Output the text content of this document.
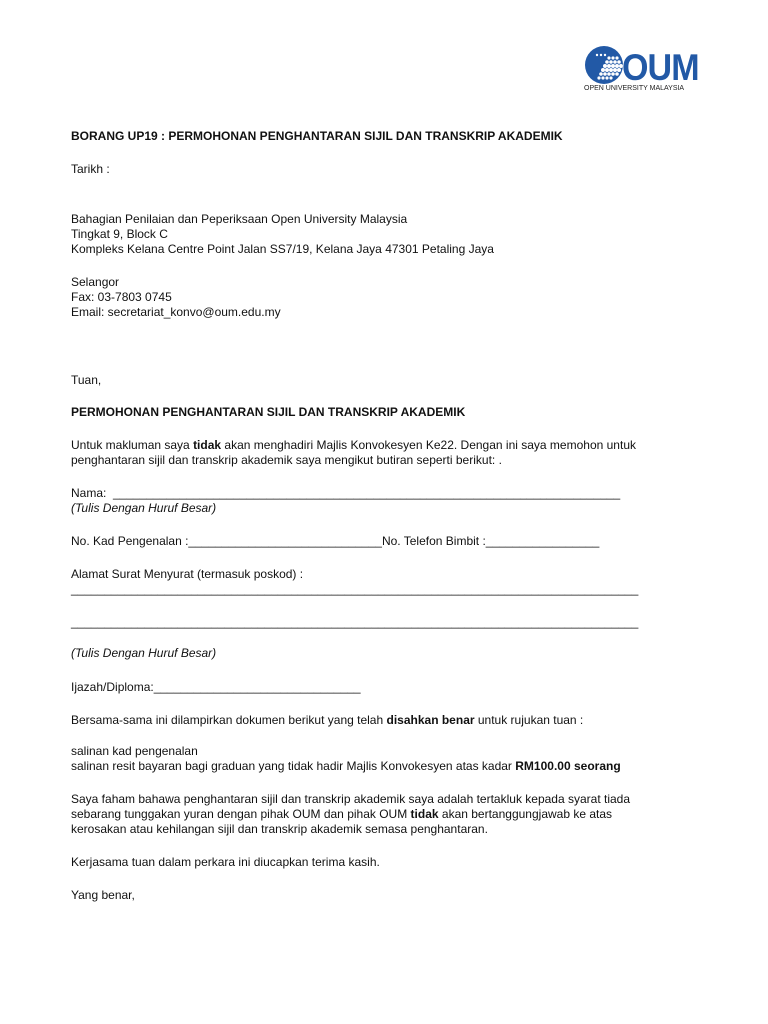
OUM
OPEN UNIVERSITY MALAYSIA
BORANG UP19 : PERMOHONAN PENGHANTARAN SIJIL DAN TRANSKRIP AKADEMIK
Tarikh :
Bahagian Penilaian dan Peperiksaan Open University Malaysia
Tingkat 9, Block C
Kompleks Kelana Centre Point Jalan SS7/19, Kelana Jaya 47301 Petaling Jaya
Selangor
Fax: 03-7803 0745
Email: secretariat_konvo@oum.edu.my
Tuan,
PERMOHONAN PENGHANTARAN SIJIL DAN TRANSKRIP AKADEMIK
Untuk makluman saya tidak akan menghadiri Majlis Konvokesyen Ke22. Dengan ini saya memohon untuk
penghantaran sijil dan transkrip akademik saya mengikut butiran seperti berikut: .
Nama:  ____________________________________________________________________________
(Tulis Dengan Huruf Besar)
No. Kad Pengenalan :_____________________________No. Telefon Bimbit :_________________
Alamat Surat Menyurat (termasuk poskod) :
_____________________________________________________________________________________
_____________________________________________________________________________________
(Tulis Dengan Huruf Besar)
Ijazah/Diploma:_______________________________
Bersama-sama ini dilampirkan dokumen berikut yang telah disahkan benar untuk rujukan tuan :
salinan kad pengenalan
salinan resit bayaran bagi graduan yang tidak hadir Majlis Konvokesyen atas kadar RM100.00 seorang
Saya faham bahawa penghantaran sijil dan transkrip akademik saya adalah tertakluk kepada syarat tiada
sebarang tunggakan yuran dengan pihak OUM dan pihak OUM tidak akan bertanggungjawab ke atas
kerosakan atau kehilangan sijil dan transkrip akademik semasa penghantaran.
Kerjasama tuan dalam perkara ini diucapkan terima kasih.
Yang benar,
